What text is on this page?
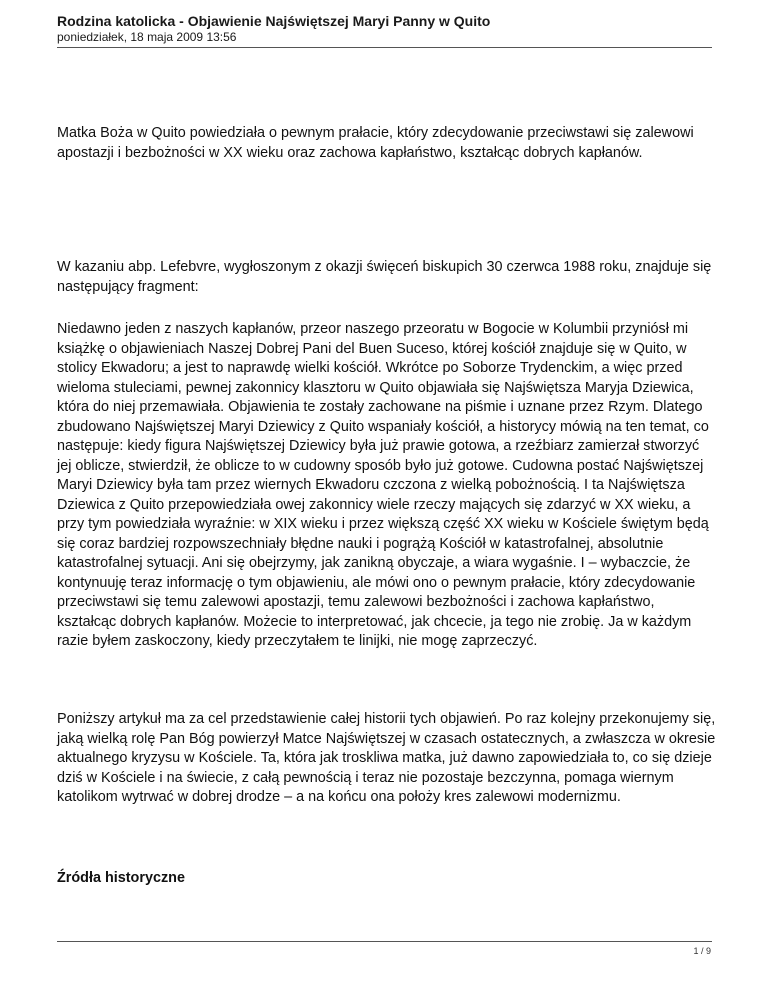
Rodzina katolicka - Objawienie Najświętszej Maryi Panny w Quito
poniedziałek, 18 maja 2009 13:56

Matka Boża w Quito powiedziała o pewnym prałacie, który zdecydowanie przeciwstawi się zalewowi apostazji i bezbożności w XX wieku oraz zachowa kapłaństwo, kształcąc dobrych kapłanów.

W kazaniu abp. Lefebvre, wygłoszonym z okazji święceń biskupich 30 czerwca 1988 roku, znajduje się następujący fragment:

Niedawno jeden z naszych kapłanów, przeor naszego przeoratu w Bogocie w Kolumbii przyniósł mi książkę o objawieniach Naszej Dobrej Pani del Buen Suceso, której kościół znajduje się w Quito, w stolicy Ekwadoru; a jest to naprawdę wielki kościół. Wkrótce po Soborze Trydenckim, a więc przed wieloma stuleciami, pewnej zakonnicy klasztoru w Quito objawiała się Najświętsza Maryja Dziewica, która do niej przemawiała. Objawienia te zostały zachowane na piśmie i uznane przez Rzym. Dlatego zbudowano Najświętszej Maryi Dziewicy z Quito wspaniały kościół, a historycy mówią na ten temat, co następuje: kiedy figura Najświętszej Dziewicy była już prawie gotowa, a rzeźbiarz zamierzał stworzyć jej oblicze, stwierdził, że oblicze to w cudowny sposób było już gotowe. Cudowna postać Najświętszej Maryi Dziewicy była tam przez wiernych Ekwadoru czczona z wielką pobożnością. I ta Najświętsza Dziewica z Quito przepowiedziała owej zakonnicy wiele rzeczy mających się zdarzyć w XX wieku, a przy tym powiedziała wyraźnie: w XIX wieku i przez większą część XX wieku w Kościele świętym będą się coraz bardziej rozpowszechniały błędne nauki i pogrążą Kościół w katastrofalnej, absolutnie katastrofalnej sytuacji. Ani się obejrzymy, jak zanikną obyczaje, a wiara wygaśnie. I – wybaczcie, że kontynuuję teraz informację o tym objawieniu, ale mówi ono o pewnym prałacie, który zdecydowanie przeciwstawi się temu zalewowi apostazji, temu zalewowi bezbożności i zachowa kapłaństwo, kształcąc dobrych kapłanów. Możecie to interpretować, jak chcecie, ja tego nie zrobię. Ja w każdym razie byłem zaskoczony, kiedy przeczytałem te linijki, nie mogę zaprzeczyć.

Poniższy artykuł ma za cel przedstawienie całej historii tych objawień. Po raz kolejny przekonujemy się, jaką wielką rolę Pan Bóg powierzył Matce Najświętszej w czasach ostatecznych, a zwłaszcza w okresie aktualnego kryzysu w Kościele. Ta, która jak troskliwa matka, już dawno zapowiedziała to, co się dzieje dziś w Kościele i na świecie, z całą pewnością i teraz nie pozostaje bezczynna, pomaga wiernym katolikom wytrwać w dobrej drodze – a na końcu ona położy kres zalewowi modernizmu.

Źródła historyczne
1 / 9
